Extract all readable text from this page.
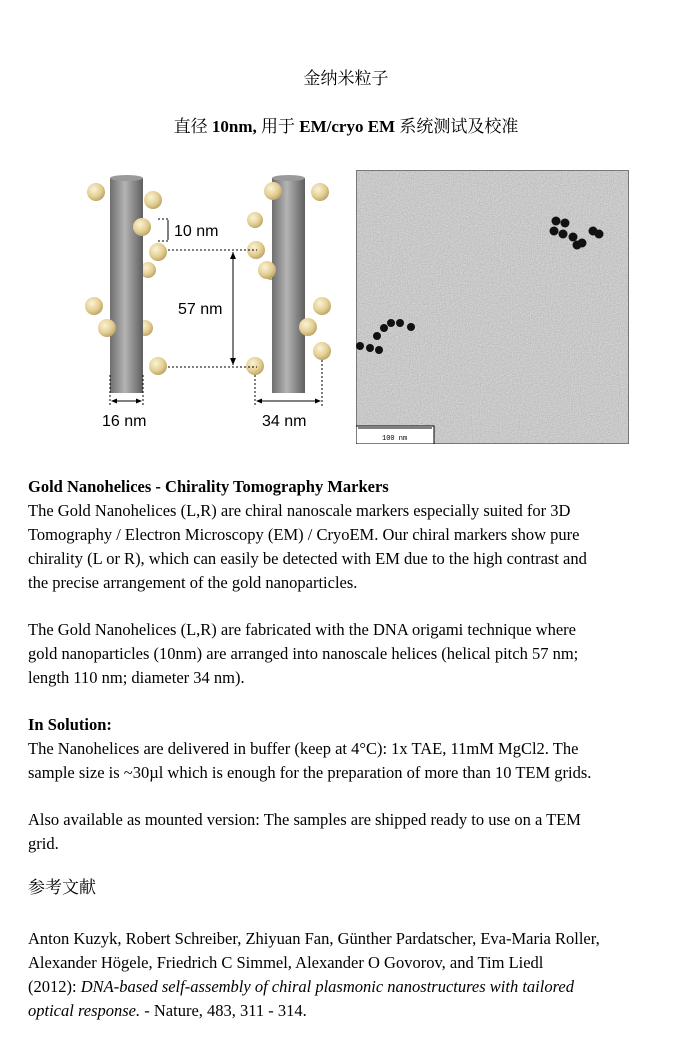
金纳米粒子
直径 10nm, 用于 EM/cryo EM 系统测试及校准
10 nm
57 nm
16 nm	34 nm
100 nm
Gold Nanohelices - Chirality Tomography Markers
The Gold Nanohelices (L,R) are chiral nanoscale markers especially suited for 3D
Tomography / Electron Microscopy (EM) / CryoEM. Our chiral markers show pure
chirality (L or R), which can easily be detected with EM due to the high contrast and
the precise arrangement of the gold nanoparticles.
The Gold Nanohelices (L,R) are fabricated with the DNA origami technique where
gold nanoparticles (10nm) are arranged into nanoscale helices (helical pitch 57 nm;
length 110 nm; diameter 34 nm).
In Solution:
The Nanohelices are delivered in buffer (keep at 4°C): 1x TAE, 11mM MgCl2. The
sample size is ~30µl which is enough for the preparation of more than 10 TEM grids.
Also available as mounted version: The samples are shipped ready to use on a TEM
grid.
参考文献
Anton Kuzyk, Robert Schreiber, Zhiyuan Fan, Günther Pardatscher, Eva-Maria Roller,
Alexander Högele, Friedrich C Simmel, Alexander O Govorov, and Tim Liedl
(2012): DNA-based self-assembly of chiral plasmonic nanostructures with tailored
optical response. - Nature, 483, 311 - 314.
